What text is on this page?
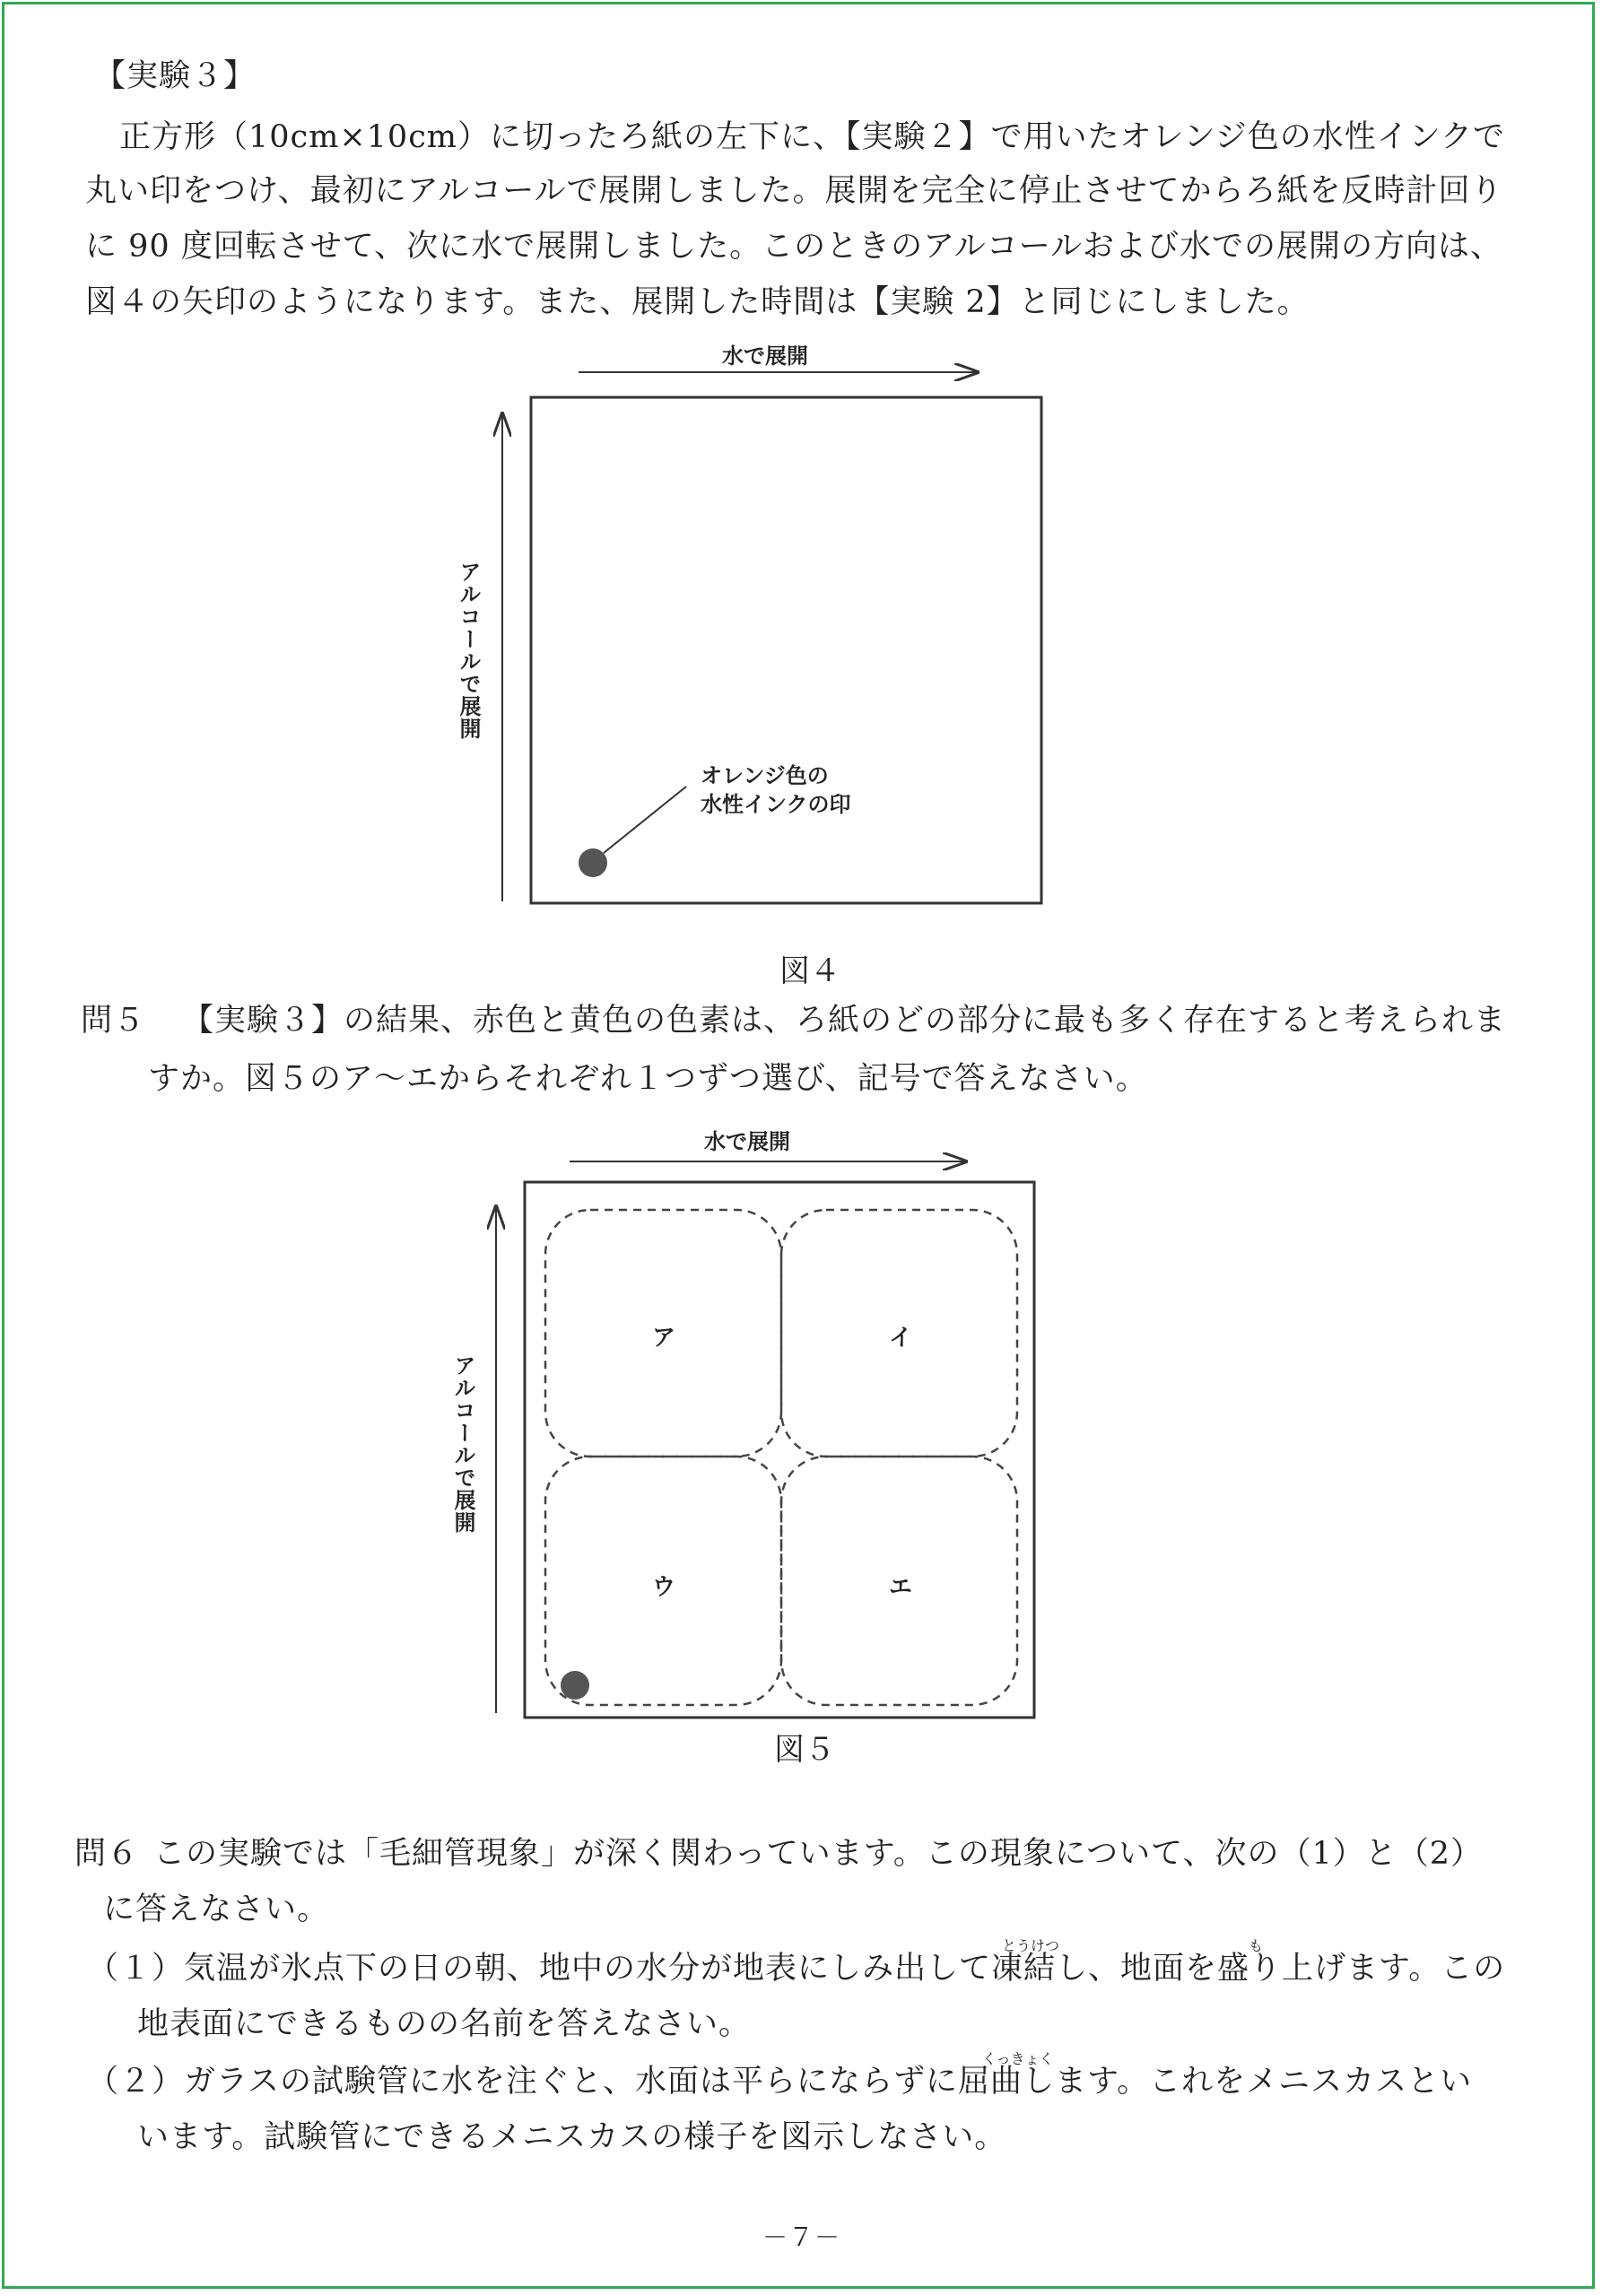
【実験３】
正方形（10cm×10cm）に切ったろ紙の左下に、【実験２】で用いたオレンジ色の水性インクで
丸い印をつけ、最初にアルコールで展開しました。展開を完全に停止させてからろ紙を反時計回り
に 90 度回転させて、次に水で展開しました。このときのアルコールおよび水での展開の方向は、
図４の矢印のようになります。また、展開した時間は【実験 2】と同じにしました。
水で展開
アルコールで展開
オレンジ色の
水性インクの印
図４
問５ 【実験３】の結果、赤色と黄色の色素は、ろ紙のどの部分に最も多く存在すると考えられま
すか。図５のア～エからそれぞれ１つずつ選び、記号で答えなさい。
水で展開
アルコールで展開
ア	イ
ウ	エ
図５
問６ この実験では「毛細管現象」が深く関わっています。この現象について、次の（1）と（2）
に答えなさい。
とうけつ	も
（１）気温が氷点下の日の朝、地中の水分が地表にしみ出して凍結し、地面を盛り上げます。この
地表面にできるものの名前を答えなさい。
くっきょく
（２）ガラスの試験管に水を注ぐと、水面は平らにならずに屈曲します。これをメニスカスとい
います。試験管にできるメニスカスの様子を図示しなさい。
－７－
